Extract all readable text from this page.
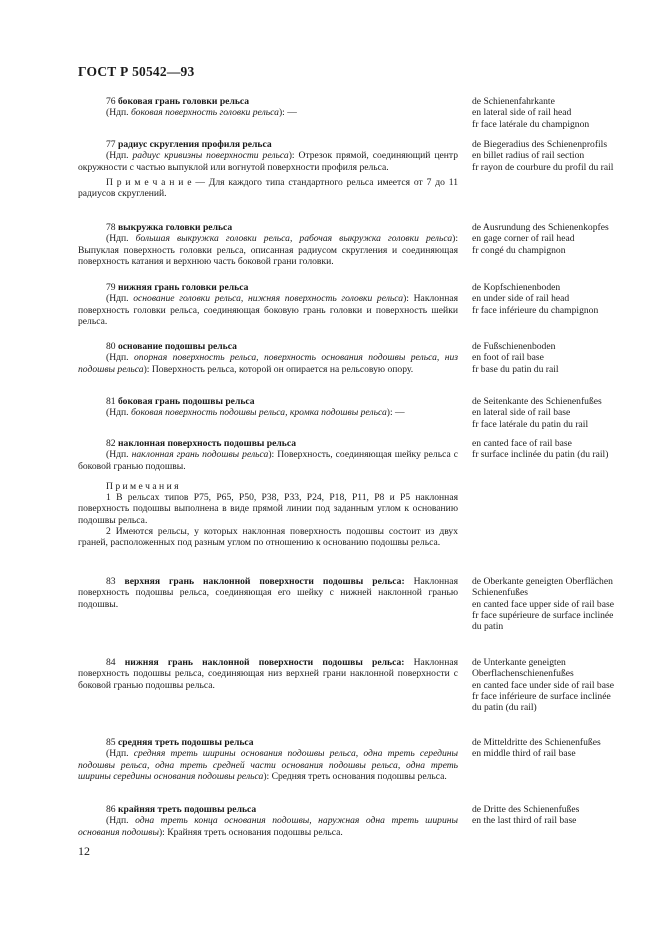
ГОСТ Р 50542—93

76 боковая грань головки рельса

(Ндп. боковая поверхность головки рельса): —

de Schienenfahrkante
en lateral side of rail head
fr face latérale du champignon

77 радиус скругления профиля рельса

(Ндп. радиус кривизны поверхности рельса): Отрезок прямой, соединяющий центр окружности с частью выпуклой или вогнутой поверхности профиля рельса.

П р и м е ч а н и е — Для каждого типа стандартного рельса имеется от 7 до 11 радиусов скруглений.

de Biegeradius des Schienenprofils
en billet radius of rail section
fr rayon de courbure du profil du rail

78 выкружка головки рельса

(Ндп. большая выкружка головки рельса, рабочая выкружка головки рельса): Выпуклая поверхность головки рельса, описанная радиусом скругления и соединяющая поверхность катания и верхнюю часть боковой грани головки.

de Ausrundung des Schienenkopfes
en gage corner of rail head
fr congé du champignon

79 нижняя грань головки рельса

(Ндп. основание головки рельса, нижняя поверхность головки рельса): Наклонная поверхность головки рельса, соединяющая боковую грань головки и поверхность шейки рельса.

de Kopfschienenboden
en under side of rail head
fr face inférieure du champignon

80 основание подошвы рельса

(Ндп. опорная поверхность рельса, поверхность основания подошвы рельса, низ подошвы рельса): Поверхность рельса, которой он опирается на рельсовую опору.

de Fußschienenboden
en foot of rail base
fr base du patin du rail

81 боковая грань подошвы рельса

(Ндп. боковая поверхность подошвы рельса, кромка подошвы рельса): —

de Seitenkante des Schienenfußes
en lateral side of rail base
fr face latérale du patin du rail

82 наклонная поверхность подошвы рельса

(Ндп. наклонная грань подошвы рельса): Поверхность, соединяющая шейку рельса с боковой гранью подошвы.

П р и м е ч а н и я

1 В рельсах типов Р75, Р65, Р50, Р38, Р33, Р24, Р18, Р11, Р8 и Р5 наклонная поверхность подошвы выполнена в виде прямой линии под заданным углом к основанию подошвы рельса.

2 Имеются рельсы, у которых наклонная поверхность подошвы состоит из двух граней, расположенных под разным углом по отношению к основанию подошвы рельса.

en canted face of rail base
fr surface inclinée du patin (du rail)

83 верхняя грань наклонной поверхности подошвы рельса: Наклонная поверхность подошвы рельса, соединяющая его шейку с нижней наклонной гранью подошвы.

de Oberkante geneigten Oberflächen Schienenfußes
en canted face upper side of rail base
fr face supérieure de surface inclinée du patin

84 нижняя грань наклонной поверхности подошвы рельса: Наклонная поверхность подошвы рельса, соединяющая низ верхней грани наклонной поверхности с боковой гранью подошвы рельса.

de Unterkante geneigten Oberflachenschienenfußes
en canted face under side of rail base
fr face inférieure de surface inclinée du patin (du rail)

85 средняя треть подошвы рельса

(Ндп. средняя треть ширины основания подошвы рельса, одна треть середины подошвы рельса, одна треть средней части основания подошвы рельса, одна треть ширины середины основания подошвы рельса): Средняя треть основания подошвы рельса.

de Mitteldritte des Schienenfußes
en middle third of rail base

86 крайняя треть подошвы рельса

(Ндп. одна треть конца основания подошвы, наружная одна треть ширины основания подошвы): Крайняя треть основания подошвы рельса.

de Dritte des Schienenfußes
en the last third of rail base
12
